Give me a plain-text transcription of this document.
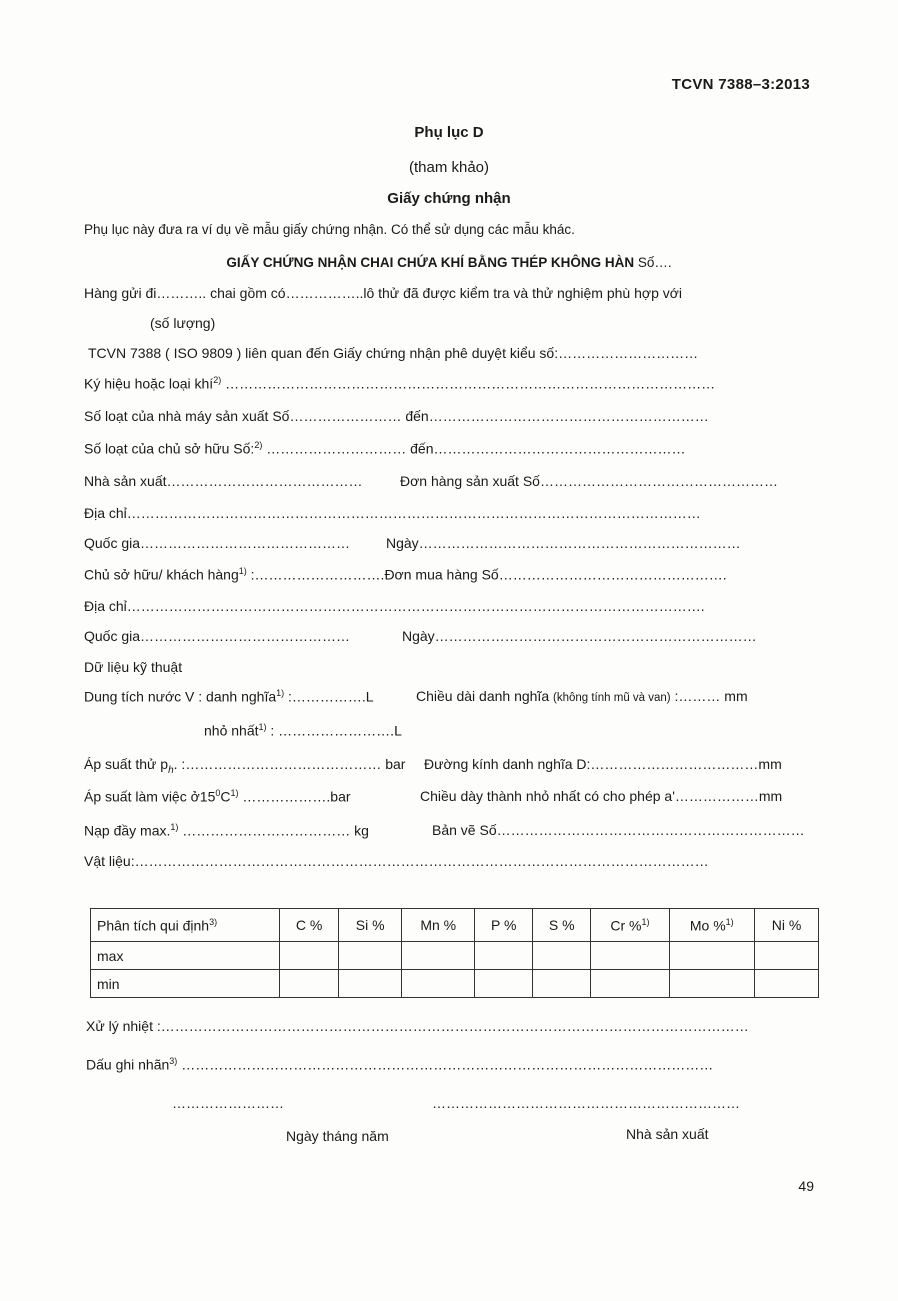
TCVN 7388–3:2013
Phụ lục D
(tham khảo)
Giấy chứng nhận
Phụ lục này đưa ra ví dụ về mẫu giấy chứng nhận. Có thể sử dụng các mẫu khác.
GIẤY CHỨNG NHẬN CHAI CHỨA KHÍ BẰNG THÉP KHÔNG HÀN Số….
Hàng gửi đi……….. chai gồm có……………..lô thử đã được kiểm tra và thử nghiệm phù hợp với
(số lượng)
TCVN 7388 ( ISO 9809 ) liên quan đến Giấy chứng nhận phê duyệt kiểu số:…………………………
Ký hiệu hoặc loại khí$^{2)}$ ……………………………………………………………………………………………
Số loạt của nhà máy sản xuất Số…………………… đến……………………………………………………
Số loạt của chủ sở hữu Số:$^{2)}$ ………………………… đến………………………………………………
Nhà sản xuất……………………………………	Đơn hàng sản xuất Số……………………………………………
Địa chỉ……………………………………………………………………………………………………………
Quốc gia………………………………………	Ngày……………………………………………………………
Chủ sở hữu/ khách hàng$^{1)}$ :……………………….Đơn mua hàng Số………………………………………….
Địa chỉ…………………………………………………………………………………………………………….
Quốc gia………………………………………	Ngày……………………………………………………………
Dữ liệu kỹ thuật
Dung tích nước V : danh nghĩa$^{1)}$ :…………….L	Chiều dài danh nghĩa (không tính mũ và van) :……… mm
nhỏ nhất$^{1)}$ : …………………….L
Áp suất thử $p_h$. :…………………………………… bar Đường kính danh nghĩa D:………………………………mm
Áp suất làm việc $ở15^0C^{1)}$ ……………….bar	Chiều dày thành nhỏ nhất có cho phép a'………………mm
Nạp đầy max.$^{1)}$ ……………………………… kg	Bản vẽ Số…………………………………………………………
Vật liệu:……………………………………………………………………………………………………………
Phân tích qui định$^{3)}$	C %	Si %	Mn %	P %	S %	Cr %$^{1)}$	Mo %$^{1)}$	Ni %
max								
min								
Xử lý nhiệt :………………………………………………………………………………………………………………
Dấu ghi nhãn$^{3)}$ ……………………………………………………………………………………………………
……………………	…………………………………………………………
Ngày tháng năm	Nhà sản xuất
49
